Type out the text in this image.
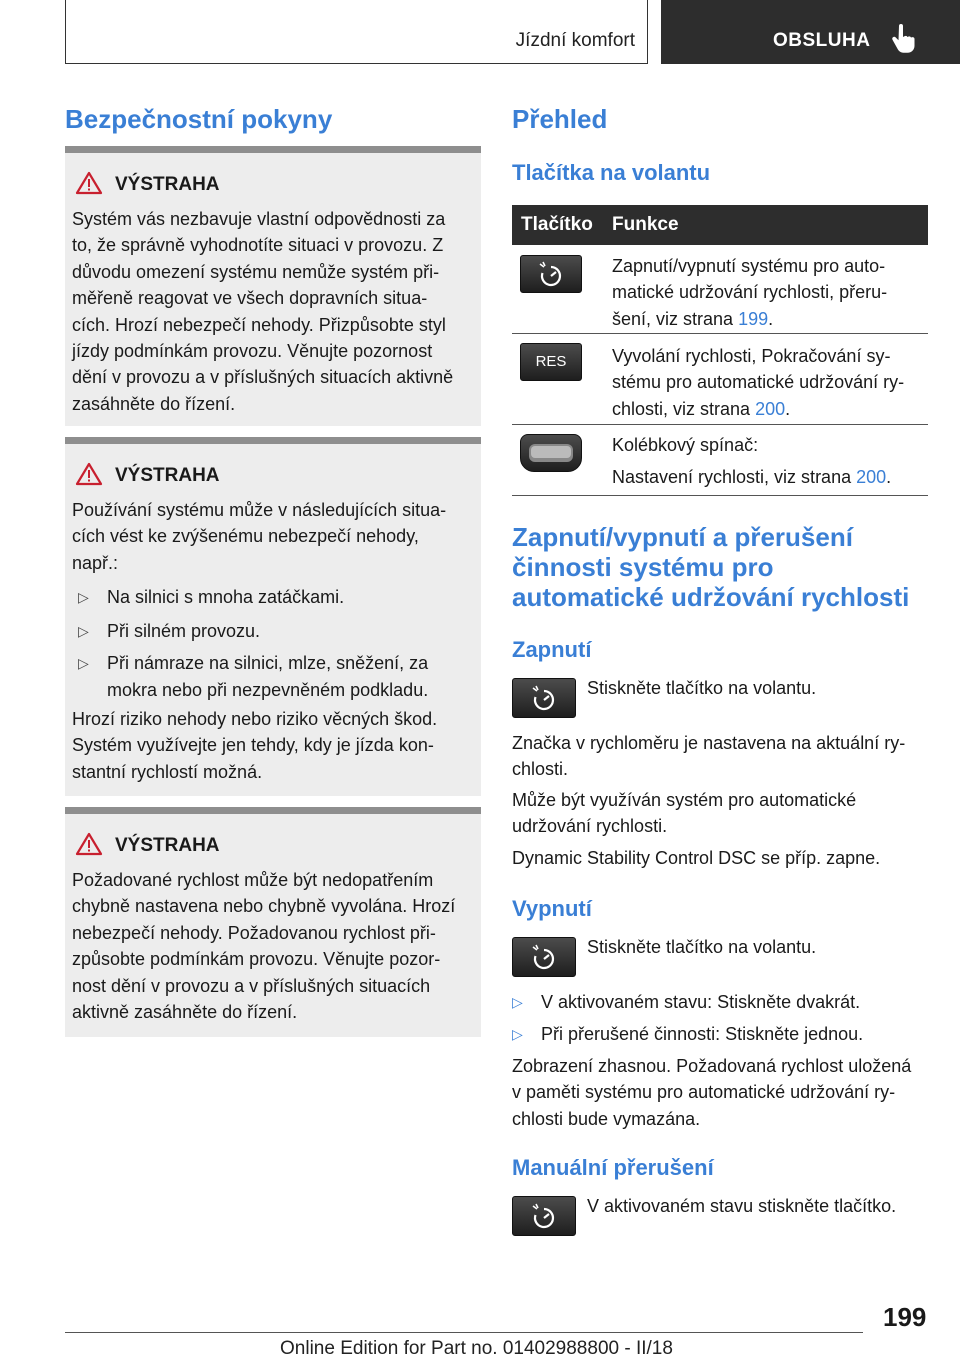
Jízdní komfort	OBSLUHA
Bezpečnostní pokyny
VÝSTRAHA
Systém vás nezbavuje vlastní odpovědnosti za
to, že správně vyhodnotíte situaci v provozu. Z
důvodu omezení systému nemůže systém při-
měřeně reagovat ve všech dopravních situa-
cích. Hrozí nebezpečí nehody. Přizpůsobte styl
jízdy podmínkám provozu. Věnujte pozornost
dění v provozu a v příslušných situacích aktivně
zasáhněte do řízení.
VÝSTRAHA
Používání systému může v následujících situa-
cích vést ke zvýšenému nebezpečí nehody,
např.:
▷ Na silnici s mnoha zatáčkami.
▷ Při silném provozu.
▷ Při námraze na silnici, mlze, sněžení, za
mokra nebo při nezpevněném podkladu.
Hrozí riziko nehody nebo riziko věcných škod.
Systém využívejte jen tehdy, kdy je jízda kon-
stantní rychlostí možná.
VÝSTRAHA
Požadované rychlost může být nedopatřením
chybně nastavena nebo chybně vyvolána. Hrozí
nebezpečí nehody. Požadovanou rychlost při-
způsobte podmínkám provozu. Věnujte pozor-
nost dění v provozu a v příslušných situacích
aktivně zasáhněte do řízení.
Přehled
Tlačítka na volantu
Tlačítko Funkce
Zapnutí/vypnutí systému pro auto-
matické udržování rychlosti, přeru-
šení, viz strana 199.
RES	Vyvolání rychlosti, Pokračování sy-
stému pro automatické udržování ry-
chlosti, viz strana 200.
Kolébkový spínač:
Nastavení rychlosti, viz strana 200.
Zapnutí/vypnutí a přerušení
činnosti systému pro
automatické udržování rychlosti
Zapnutí
Stiskněte tlačítko na volantu.
Značka v rychloměru je nastavena na aktuální ry-
chlosti.
Může být využíván systém pro automatické
udržování rychlosti.
Dynamic Stability Control DSC se příp. zapne.
Vypnutí
Stiskněte tlačítko na volantu.
▷ V aktivovaném stavu: Stiskněte dvakrát.
▷ Při přerušené činnosti: Stiskněte jednou.
Zobrazení zhasnou. Požadovaná rychlost uložená
v paměti systému pro automatické udržování ry-
chlosti bude vymazána.
Manuální přerušení
V aktivovaném stavu stiskněte tlačítko.
199
Online Edition for Part no. 01402988800 - II/18
